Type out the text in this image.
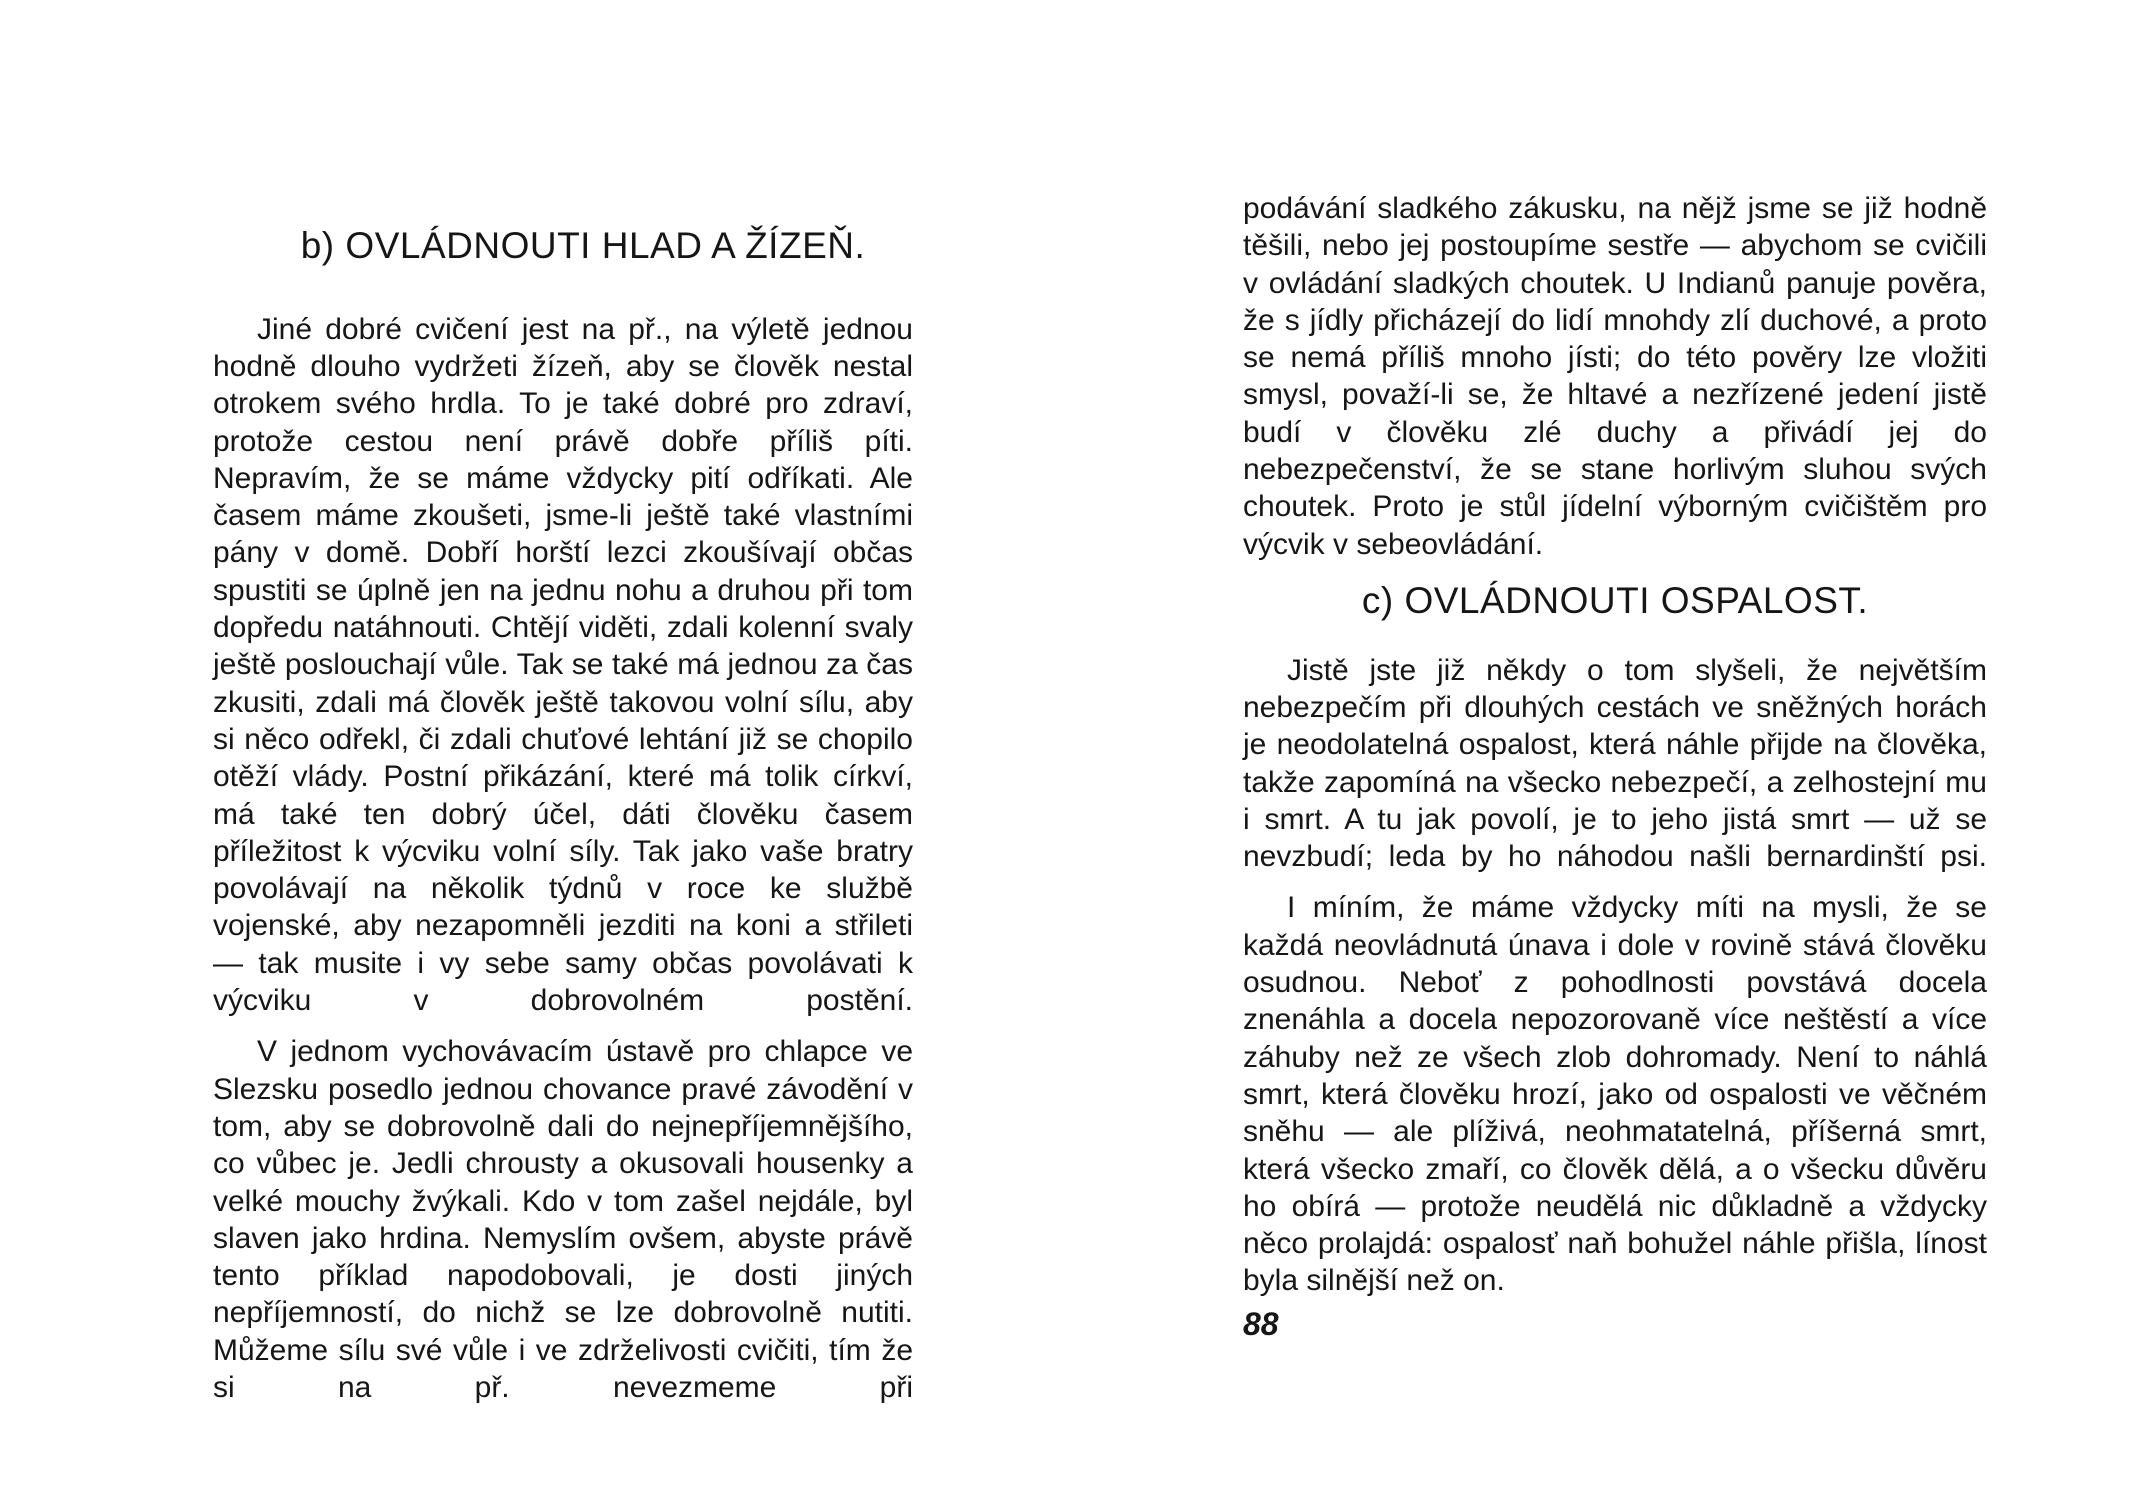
b) OVLÁDNOUTI HLAD A ŽÍZEŇ.

Jiné dobré cvičení jest na př., na výletě jednou hodně dlouho vydržeti žízeň, aby se člověk nestal otrokem svého hrdla. To je také dobré pro zdraví, protože cestou není právě dobře příliš píti. Nepravím, že se máme vždycky pití odříkati. Ale časem máme zkoušeti, jsme-li ještě také vlastními pány v domě. Dobří horští lezci zkoušívají občas spustiti se úplně jen na jednu nohu a druhou při tom dopředu natáhnouti. Chtějí viděti, zdali kolenní svaly ještě poslouchají vůle. Tak se také má jednou za čas zkusiti, zdali má člověk ještě takovou volní sílu, aby si něco odřekl, či zdali chuťové lehtání již se chopilo otěží vlády. Postní přikázání, které má tolik církví, má také ten dobrý účel, dáti člověku časem příležitost k výcviku volní síly. Tak jako vaše bratry povolávají na několik týdnů v roce ke službě vojenské, aby nezapomněli jezditi na koni a střileti — tak musite i vy sebe samy občas povolávati k výcviku v dobrovolném postění.

V jednom vychovávacím ústavě pro chlapce ve Slezsku posedlo jednou chovance pravé závodění v tom, aby se dobrovolně dali do nejnepříjemnějšího, co vůbec je. Jedli chrousty a okusovali housenky a velké mouchy žvýkali. Kdo v tom zašel nejdále, byl slaven jako hrdina. Nemyslím ovšem, abyste právě tento příklad napodobovali, je dosti jiných nepříjemností, do nichž se lze dobrovolně nutiti. Můžeme sílu své vůle i ve zdrželivosti cvičiti, tím že si na př. nevezmeme při

podávání sladkého zákusku, na nějž jsme se již hodně těšili, nebo jej postoupíme sestře — abychom se cvičili v ovládání sladkých choutek. U Indianů panuje pověra, že s jídly přicházejí do lidí mnohdy zlí duchové, a proto se nemá příliš mnoho jísti; do této pověry lze vložiti smysl, považí-li se, že hltavé a nezřízené jedení jistě budí v člověku zlé duchy a přivádí jej do nebezpečenství, že se stane horlivým sluhou svých choutek. Proto je stůl jídelní výborným cvičištěm pro výcvik v sebeovládání.

c) OVLÁDNOUTI OSPALOST.

Jistě jste již někdy o tom slyšeli, že největším nebezpečím při dlouhých cestách ve sněžných horách je neodolatelná ospalost, která náhle přijde na člověka, takže zapomíná na všecko nebezpečí, a zelhostejní mu i smrt. A tu jak povolí, je to jeho jistá smrt — už se nevzbudí; leda by ho náhodou našli bernardinští psi.

I míním, že máme vždycky míti na mysli, že se každá neovládnutá únava i dole v rovině stává člověku osudnou. Neboť z pohodlnosti povstává docela znenáhla a docela nepozorovaně více neštěstí a více záhuby než ze všech zlob dohromady. Není to náhlá smrt, která člověku hrozí, jako od ospalosti ve věčném sněhu — ale plíživá, neohmatatelná, příšerná smrt, která všecko zmaří, co člověk dělá, a o všecku důvěru ho obírá — protože neudělá nic důkladně a vždycky něco prolajdá: ospalosť naň bohužel náhle přišla, línost byla silnější než on.

88
